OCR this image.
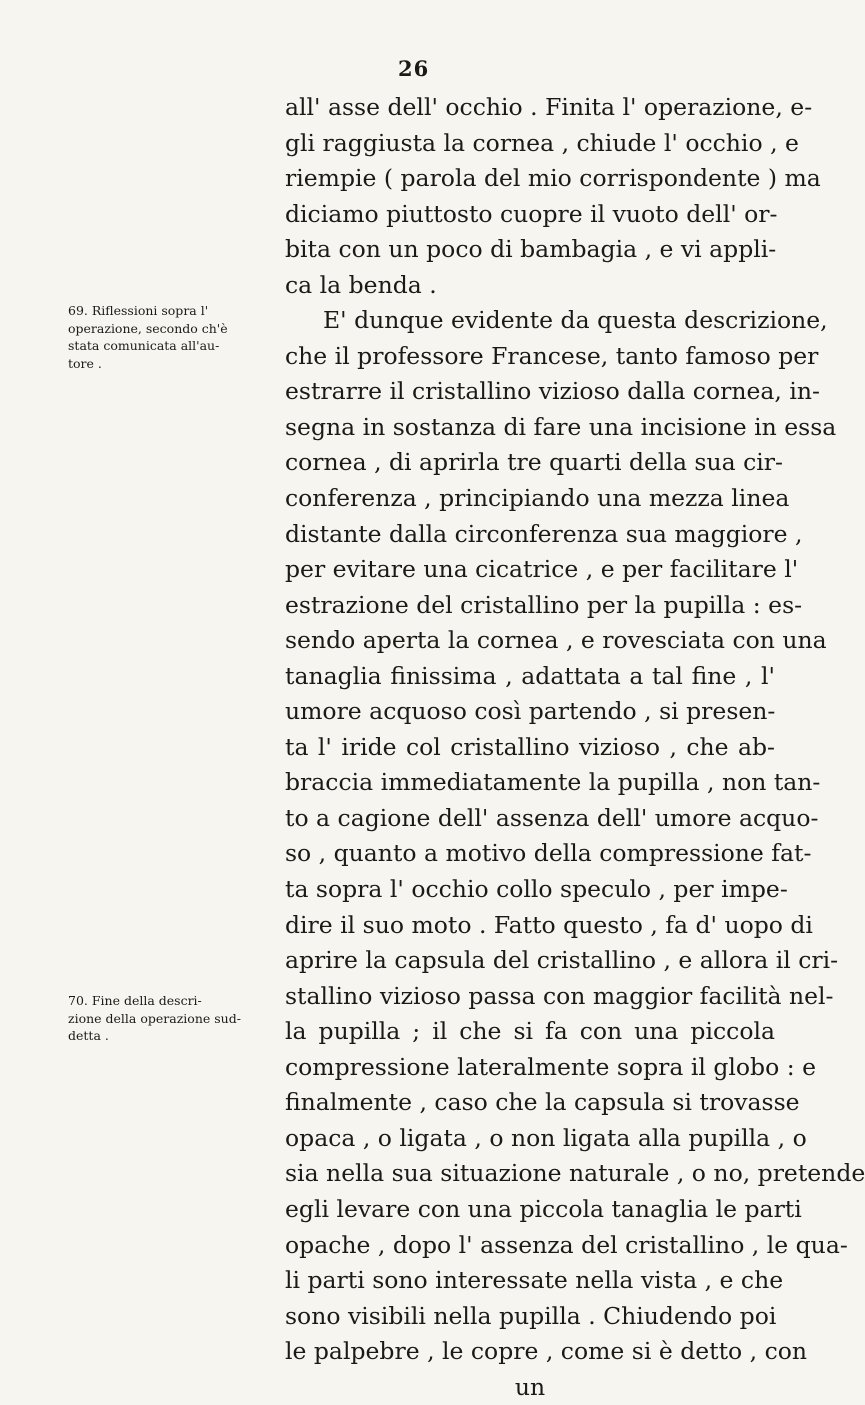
26
69. Riflessioni sopra l'
operazione, secondo ch'è
stata comunicata all'au-
tore .
70. Fine della descri-
zione della operazione sud-
detta .
all' asse dell' occhio . Finita l' operazione, e-
gli raggiusta la cornea , chiude l' occhio , e
riempie ( parola del mio corrispondente ) ma
diciamo piuttosto cuopre il vuoto dell' or-
bita con un poco di bambagia , e vi appli-
ca la benda .
E' dunque evidente da questa descrizione,
che il professore Francese, tanto famoso per
estrarre il cristallino vizioso dalla cornea, in-
segna in sostanza di fare una incisione in essa
cornea , di aprirla tre quarti della sua cir-
conferenza , principiando una mezza linea
distante dalla circonferenza sua maggiore ,
per evitare una cicatrice , e per facilitare l'
estrazione del cristallino per la pupilla : es-
sendo aperta la cornea , e rovesciata con una
tanaglia finissima , adattata a tal fine , l'
umore acquoso così partendo , si presen-
ta l' iride col cristallino vizioso , che ab-
braccia immediatamente la pupilla , non tan-
to a cagione dell' assenza dell' umore acquo-
so , quanto a motivo della compressione fat-
ta sopra l' occhio collo speculo , per impe-
dire il suo moto . Fatto questo , fa d' uopo di
aprire la capsula del cristallino , e allora il cri-
stallino vizioso passa con maggior facilità nel-
la pupilla ; il che si fa con una piccola
compressione lateralmente sopra il globo : e
finalmente , caso che la capsula si trovasse
opaca , o ligata , o non ligata alla pupilla , o
sia nella sua situazione naturale , o no, pretende
egli levare con una piccola tanaglia le parti
opache , dopo l' assenza del cristallino , le qua-
li parti sono interessate nella vista , e che
sono visibili nella pupilla . Chiudendo poi
le palpebre , le copre , come si è detto , con
un
